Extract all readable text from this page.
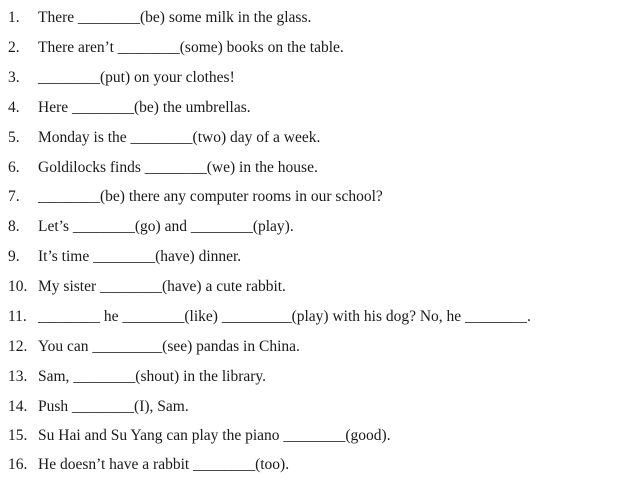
1. There ________(be) some milk in the glass.
2. There aren’t ________(some) books on the table.
3. ________(put) on your clothes!
4. Here ________(be) the umbrellas.
5. Monday is the ________(two) day of a week.
6. Goldilocks finds ________(we) in the house.
7. ________(be) there any computer rooms in our school?
8. Let’s ________(go) and ________(play).
9. It’s time ________(have) dinner.
10. My sister ________(have) a cute rabbit.
11. ________ he ________(like) _________(play) with his dog? No, he ________.
12. You can _________(see) pandas in China.
13. Sam, ________(shout) in the library.
14. Push ________(I), Sam.
15. Su Hai and Su Yang can play the piano ________(good).
16. He doesn’t have a rabbit ________(too).
